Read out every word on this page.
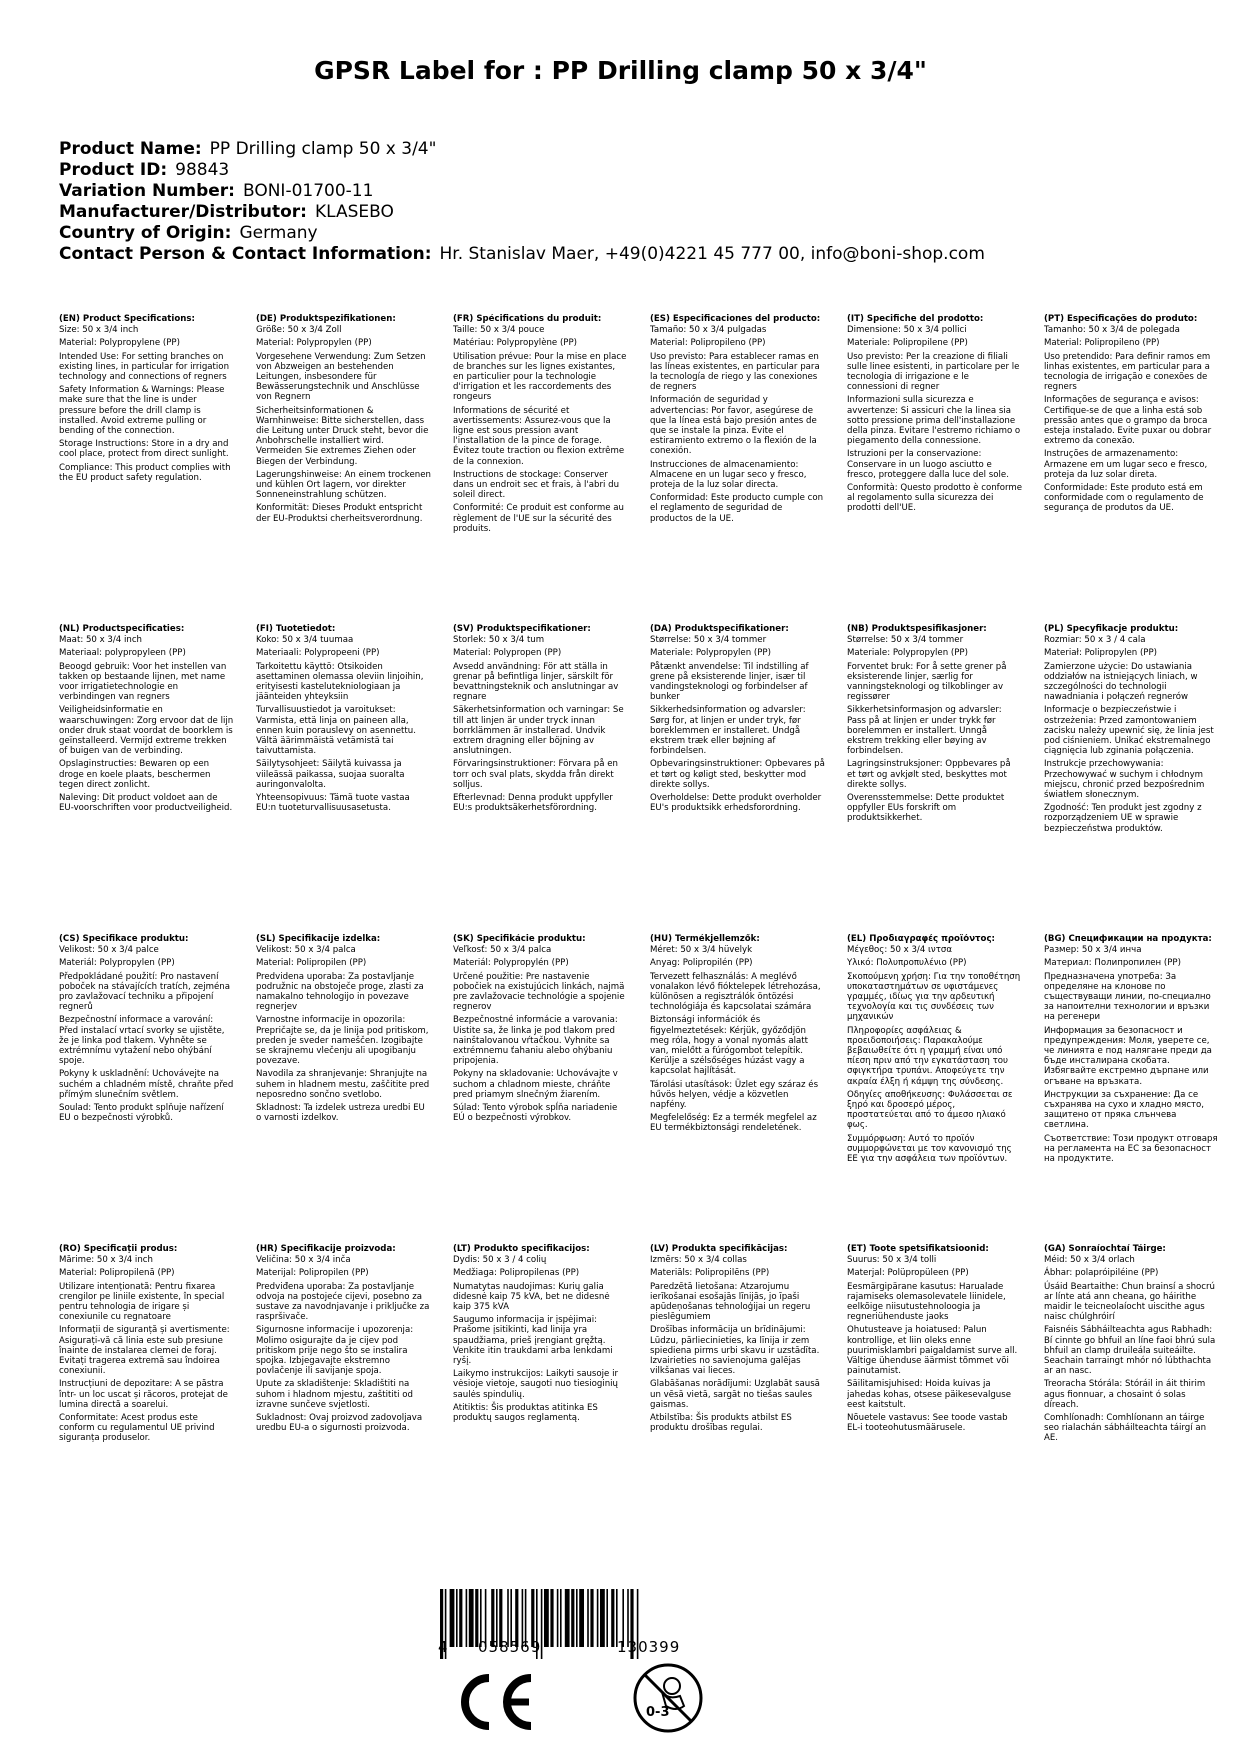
GPSR Label for : PP Drilling clamp 50 x 3/4"
Product Name: PP Drilling clamp 50 x 3/4"
Product ID: 98843
Variation Number: BONI-01700-11
Manufacturer/Distributor: KLASEBO
Country of Origin: Germany
Contact Person & Contact Information: Hr. Stanislav Maer, +49(0)4221 45 777 00, info@boni-shop.com
(EN) Product Specifications:

Size: 50 x 3/4 inch

Material: Polypropylene (PP)

Intended Use: For setting branches on existing lines, in particular for irrigation technology and connections of regners

Safety Information & Warnings: Please make sure that the line is under pressure before the drill clamp is installed. Avoid extreme pulling or bending of the connection.

Storage Instructions: Store in a dry and cool place, protect from direct sunlight.

Compliance: This product complies with the EU product safety regulation.

(DE) Produktspezifikationen:

Größe: 50 x 3/4 Zoll

Material: Polypropylen (PP)

Vorgesehene Verwendung: Zum Setzen von Abzweigen an bestehenden Leitungen, insbesondere für Bewässerungstechnik und Anschlüsse von Regnern

Sicherheitsinformationen & Warnhinweise: Bitte sicherstellen, dass die Leitung unter Druck steht, bevor die Anbohrschelle installiert wird. Vermeiden Sie extremes Ziehen oder Biegen der Verbindung.

Lagerungshinweise: An einem trockenen und kühlen Ort lagern, vor direkter Sonneneinstrahlung schützen.

Konformität: Dieses Produkt entspricht der EU-Produktsi cherheitsverordnung.

(FR) Spécifications du produit:

Taille: 50 x 3/4 pouce

Matériau: Polypropylène (PP)

Utilisation prévue: Pour la mise en place de branches sur les lignes existantes, en particulier pour la technologie d'irrigation et les raccordements des rongeurs

Informations de sécurité et avertissements: Assurez-vous que la ligne est sous pression avant l'installation de la pince de forage. Évitez toute traction ou flexion extrême de la connexion.

Instructions de stockage: Conserver dans un endroit sec et frais, à l'abri du soleil direct.

Conformité: Ce produit est conforme au règlement de l'UE sur la sécurité des produits.

(ES) Especificaciones del producto:

Tamaño: 50 x 3/4 pulgadas

Material: Polipropileno (PP)

Uso previsto: Para establecer ramas en las líneas existentes, en particular para la tecnología de riego y las conexiones de regners

Información de seguridad y advertencias: Por favor, asegúrese de que la línea está bajo presión antes de que se instale la pinza. Evite el estiramiento extremo o la flexión de la conexión.

Instrucciones de almacenamiento: Almacene en un lugar seco y fresco, proteja de la luz solar directa.

Conformidad: Este producto cumple con el reglamento de seguridad de productos de la UE.

(IT) Specifiche del prodotto:

Dimensione: 50 x 3/4 pollici

Materiale: Polipropilene (PP)

Uso previsto: Per la creazione di filiali sulle linee esistenti, in particolare per le tecnologia di irrigazione e le connessioni di regner

Informazioni sulla sicurezza e avvertenze: Si assicuri che la linea sia sotto pressione prima dell'installazione della pinza. Evitare l'estremo richiamo o piegamento della connessione.

Istruzioni per la conservazione: Conservare in un luogo asciutto e fresco, proteggere dalla luce del sole.

Conformità: Questo prodotto è conforme al regolamento sulla sicurezza dei prodotti dell'UE.

(PT) Especificações do produto:

Tamanho: 50 x 3/4 de polegada

Material: Polipropileno (PP)

Uso pretendido: Para definir ramos em linhas existentes, em particular para a tecnologia de irrigação e conexões de regners

Informações de segurança e avisos: Certifique-se de que a linha está sob pressão antes que o grampo da broca esteja instalado. Evite puxar ou dobrar extremo da conexão.

Instruções de armazenamento: Armazene em um lugar seco e fresco, proteja da luz solar direta.

Conformidade: Este produto está em conformidade com o regulamento de segurança de produtos da UE.

(NL) Productspecificaties:

Maat: 50 x 3/4 inch

Materiaal: polypropyleen (PP)

Beoogd gebruik: Voor het instellen van takken op bestaande lijnen, met name voor irrigatietechnologie en verbindingen van regners

Veiligheidsinformatie en waarschuwingen: Zorg ervoor dat de lijn onder druk staat voordat de boorklem is geïnstalleerd. Vermijd extreme trekken of buigen van de verbinding.

Opslaginstructies: Bewaren op een droge en koele plaats, beschermen tegen direct zonlicht.

Naleving: Dit product voldoet aan de EU-voorschriften voor productveiligheid.

(FI) Tuotetiedot:

Koko: 50 x 3/4 tuumaa

Materiaali: Polypropeeni (PP)

Tarkoitettu käyttö: Otsikoiden asettaminen olemassa oleviin linjoihin, erityisesti kastelutekniologiaan ja jäänteiden yhteyksiin

Turvallisuustiedot ja varoitukset: Varmista, että linja on paineen alla, ennen kuin porauslevy on asennettu. Vältä äärimmäistä vetämistä tai taivuttamista.

Säilytysohjeet: Säilytä kuivassa ja viileässä paikassa, suojaa suoralta auringonvalolta.

Yhteensopivuus: Tämä tuote vastaa EU:n tuoteturvallisuusasetusta.

(SV) Produktspecifikationer:

Storlek: 50 x 3/4 tum

Material: Polypropen (PP)

Avsedd användning: För att ställa in grenar på befintliga linjer, särskilt för bevattningsteknik och anslutningar av regnare

Säkerhetsinformation och varningar: Se till att linjen är under tryck innan borrklämmen är installerad. Undvik extrem dragning eller böjning av anslutningen.

Förvaringsinstruktioner: Förvara på en torr och sval plats, skydda från direkt solljus.

Efterlevnad: Denna produkt uppfyller EU:s produktsäkerhetsförordning.

(DA) Produktspecifikationer:

Størrelse: 50 x 3/4 tommer

Materiale: Polypropylen (PP)

Påtænkt anvendelse: Til indstilling af grene på eksisterende linjer, især til vandingsteknologi og forbindelser af bunker

Sikkerhedsinformation og advarsler: Sørg for, at linjen er under tryk, før boreklemmen er installeret. Undgå ekstrem træk eller bøjning af forbindelsen.

Opbevaringsinstruktioner: Opbevares på et tørt og køligt sted, beskytter mod direkte sollys.

Overholdelse: Dette produkt overholder EU's produktsikk erhedsforordning.

(NB) Produktspesifikasjoner:

Størrelse: 50 x 3/4 tommer

Materiale: Polypropylen (PP)

Forventet bruk: For å sette grener på eksisterende linjer, særlig for vanningsteknologi og tilkoblinger av regissører

Sikkerhetsinformasjon og advarsler: Pass på at linjen er under trykk før borelemmen er installert. Unngå ekstrem trekking eller bøying av forbindelsen.

Lagringsinstruksjoner: Oppbevares på et tørt og avkjølt sted, beskyttes mot direkte sollys.

Overensstemmelse: Dette produktet oppfyller EUs forskrift om produktsikkerhet.

(PL) Specyfikacje produktu:

Rozmiar: 50 x 3 / 4 cala

Materiał: Polipropylen (PP)

Zamierzone użycie: Do ustawiania oddziałów na istniejących liniach, w szczególności do technologii nawadniania i połączeń regnerów

Informacje o bezpieczeństwie i ostrzeżenia: Przed zamontowaniem zacisku należy upewnić się, że linia jest pod ciśnieniem. Unikać ekstremalnego ciągnięcia lub zginania połączenia.

Instrukcje przechowywania: Przechowywać w suchym i chłodnym miejscu, chronić przed bezpośrednim światłem słonecznym.

Zgodność: Ten produkt jest zgodny z rozporządzeniem UE w sprawie bezpieczeństwa produktów.

(CS) Specifikace produktu:

Velikost: 50 x 3/4 palce

Materiál: Polypropylen (PP)

Předpokládané použití: Pro nastavení poboček na stávajících tratích, zejména pro zavlažovací techniku a připojení regnerů

Bezpečnostní informace a varování: Před instalací vrtací svorky se ujistěte, že je linka pod tlakem. Vyhněte se extrémnímu vytažení nebo ohýbání spoje.

Pokyny k uskladnění: Uchovávejte na suchém a chladném místě, chraňte před přímým slunečním světlem.

Soulad: Tento produkt splňuje nařízení EU o bezpečnosti výrobků.

(SL) Specifikacije izdelka:

Velikost: 50 x 3/4 palca

Material: Polipropilen (PP)

Predvidena uporaba: Za postavljanje podružnic na obstoječe proge, zlasti za namakalno tehnologijo in povezave regnerjev

Varnostne informacije in opozorila: Prepričajte se, da je linija pod pritiskom, preden je sveder nameščen. Izogibajte se skrajnemu vlečenju ali upogibanju povezave.

Navodila za shranjevanje: Shranjujte na suhem in hladnem mestu, zaščitite pred neposredno sončno svetlobo.

Skladnost: Ta izdelek ustreza uredbi EU o varnosti izdelkov.

(SK) Špecifikácie produktu:

Veľkosť: 50 x 3/4 palca

Materiál: Polypropylén (PP)

Určené použitie: Pre nastavenie pobočiek na existujúcich linkách, najmä pre zavlažovacie technológie a spojenie regnerov

Bezpečnostné informácie a varovania: Uistite sa, že linka je pod tlakom pred nainštalovanou vŕtačkou. Vyhnite sa extrémnemu ťahaniu alebo ohýbaniu pripojenia.

Pokyny na skladovanie: Uchovávajte v suchom a chladnom mieste, chráňte pred priamym slnečným žiarením.

Súlad: Tento výrobok spĺňa nariadenie EÚ o bezpečnosti výrobkov.

(HU) Termékjellemzők:

Méret: 50 x 3/4 hüvelyk

Anyag: Polipropilén (PP)

Tervezett felhasználás: A meglévő vonalakon lévő fióktelepek létrehozása, különösen a regisztrálók öntözési technológiája és kapcsolatai számára

Biztonsági információk és figyelmeztetések: Kérjük, győződjön meg róla, hogy a vonal nyomás alatt van, mielőtt a fúrógombot telepítik. Kerülje a szélsőséges húzást vagy a kapcsolat hajlítását.

Tárolási utasítások: Üzlet egy száraz és hűvös helyen, védje a közvetlen napfény.

Megfelelőség: Ez a termék megfelel az EU termékbiztonsági rendeletének.

(EL) Προδιαγραφές προϊόντος:

Μέγεθος: 50 x 3/4 ιντσα

Υλικό: Πολυπροπυλένιο (PP)

Σκοπούμενη χρήση: Για την τοποθέτηση υποκαταστημάτων σε υφιστάμενες γραμμές, ιδίως για την αρδευτική τεχνολογία και τις συνδέσεις των μηχανικών

Πληροφορίες ασφάλειας & προειδοποιήσεις: Παρακαλούμε βεβαιωθείτε ότι η γραμμή είναι υπό πίεση πριν από την εγκατάσταση του σφιγκτήρα τρυπάνι. Αποφεύγετε την ακραία έλξη ή κάμψη της σύνδεσης.

Οδηγίες αποθήκευσης: Φυλάσσεται σε ξηρό και δροσερό μέρος, προστατεύεται από το άμεσο ηλιακό φως.

Συμμόρφωση: Αυτό το προϊόν συμμορφώνεται με τον κανονισμό της ΕΕ για την ασφάλεια των προϊόντων.

(BG) Спецификации на продукта:

Размер: 50 x 3/4 инча

Материал: Полипропилен (PP)

Предназначена употреба: За определяне на клонове по съществуващи линии, по-специално за напоителни технологии и връзки на регенери

Информация за безопасност и предупреждения: Моля, уверете се, че линията е под налягане преди да бъде инсталирана скобата. Избягвайте екстремно дърпане или огъване на връзката.

Инструкции за съхранение: Да се съхранява на сухо и хладно място, защитено от пряка слънчева светлина.

Съответствие: Този продукт отговаря на регламента на ЕС за безопасност на продуктите.

(RO) Specificații produs:

Mărime: 50 x 3/4 inch

Material: Polipropilenă (PP)

Utilizare intenționată: Pentru fixarea crengilor pe liniile existente, în special pentru tehnologia de irigare și conexiunile cu regnatoare

Informații de siguranță și avertismente: Asigurați-vă că linia este sub presiune înainte de instalarea clemei de foraj. Evitați tragerea extremă sau îndoirea conexiunii.

Instrucțiuni de depozitare: A se păstra într- un loc uscat și răcoros, protejat de lumina directă a soarelui.

Conformitate: Acest produs este conform cu regulamentul UE privind siguranța produselor.

(HR) Specifikacije proizvoda:

Veličina: 50 x 3/4 inča

Materijal: Polipropilen (PP)

Predviđena uporaba: Za postavljanje odvoja na postojeće cijevi, posebno za sustave za navodnjavanje i priključke za raspršivače.

Sigurnosne informacije i upozorenja: Molimo osigurajte da je cijev pod pritiskom prije nego što se instalira spojka. Izbjegavajte ekstremno povlačenje ili savijanje spoja.

Upute za skladištenje: Skladištiti na suhom i hladnom mjestu, zaštititi od izravne sunčeve svjetlosti.

Sukladnost: Ovaj proizvod zadovoljava uredbu EU-a o sigurnosti proizvoda.

(LT) Produkto specifikacijos:

Dydis: 50 x 3 / 4 colių

Medžiaga: Polipropilenas (PP)

Numatytas naudojimas: Kurių galia didesnė kaip 75 kVA, bet ne didesnė kaip 375 kVA

Saugumo informacija ir įspėjimai: Prašome įsitikinti, kad linija yra spaudžiama, prieš įrengiant gręžtą. Venkite itin traukdami arba lenkdami ryšį.

Laikymo instrukcijos: Laikyti sausoje ir vėsioje vietoje, saugoti nuo tiesioginių saulės spindulių.

Atitiktis: Šis produktas atitinka ES produktų saugos reglamentą.

(LV) Produkta specifikācijas:

Izmērs: 50 x 3/4 collas

Materiāls: Polipropilēns (PP)

Paredzētā lietošana: Atzarojumu ierīkošanai esošajās līnijās, jo īpaši apūdeņošanas tehnoloģijai un regeru pieslēgumiem

Drošības informācija un brīdinājumi: Lūdzu, pārliecinieties, ka līnija ir zem spiediena pirms urbi skavu ir uzstādīta. Izvairieties no savienojuma galējas vilkšanas vai lieces.

Glabāšanas norādījumi: Uzglabāt sausā un vēsā vietā, sargāt no tiešas saules gaismas.

Atbilstība: Šis produkts atbilst ES produktu drošības regulai.

(ET) Toote spetsifikatsioonid:

Suurus: 50 x 3/4 tolli

Materjal: Polüpropüleen (PP)

Eesmärgipärane kasutus: Harualade rajamiseks olemasolevatele liinidele, eelkõige niisutustehnoloogia ja regneriühenduste jaoks

Ohutusteave ja hoiatused: Palun kontrollige, et liin oleks enne puurimisklambri paigaldamist surve all. Vältige ühenduse äärmist tõmmet või painutamist.

Säilitamisjuhised: Hoida kuivas ja jahedas kohas, otsese päikesevalguse eest kaitstult.

Nõuetele vastavus: See toode vastab EL-i tooteohutusmäärusele.

(GA) Sonraíochtaí Táirge:

Méid: 50 x 3/4 orlach

Ábhar: polapróipiléine (PP)

Úsáid Beartaithe: Chun brainsí a shocrú ar línte atá ann cheana, go háirithe maidir le teicneolaíocht uiscithe agus naisc chúlghróirí

Faisnéis Sábháilteachta agus Rabhadh: Bí cinnte go bhfuil an líne faoi bhrú sula bhfuil an clamp druileála suiteáilte. Seachain tarraingt mhór nó lúbthachta ar an nasc.

Treoracha Stórála: Stóráil in áit thirim agus fionnuar, a chosaint ó solas díreach.

Comhlíonadh: Comhlíonann an táirge seo rialachán sábháilteachta táirgí an AE.

4 058569	130399
0-3
